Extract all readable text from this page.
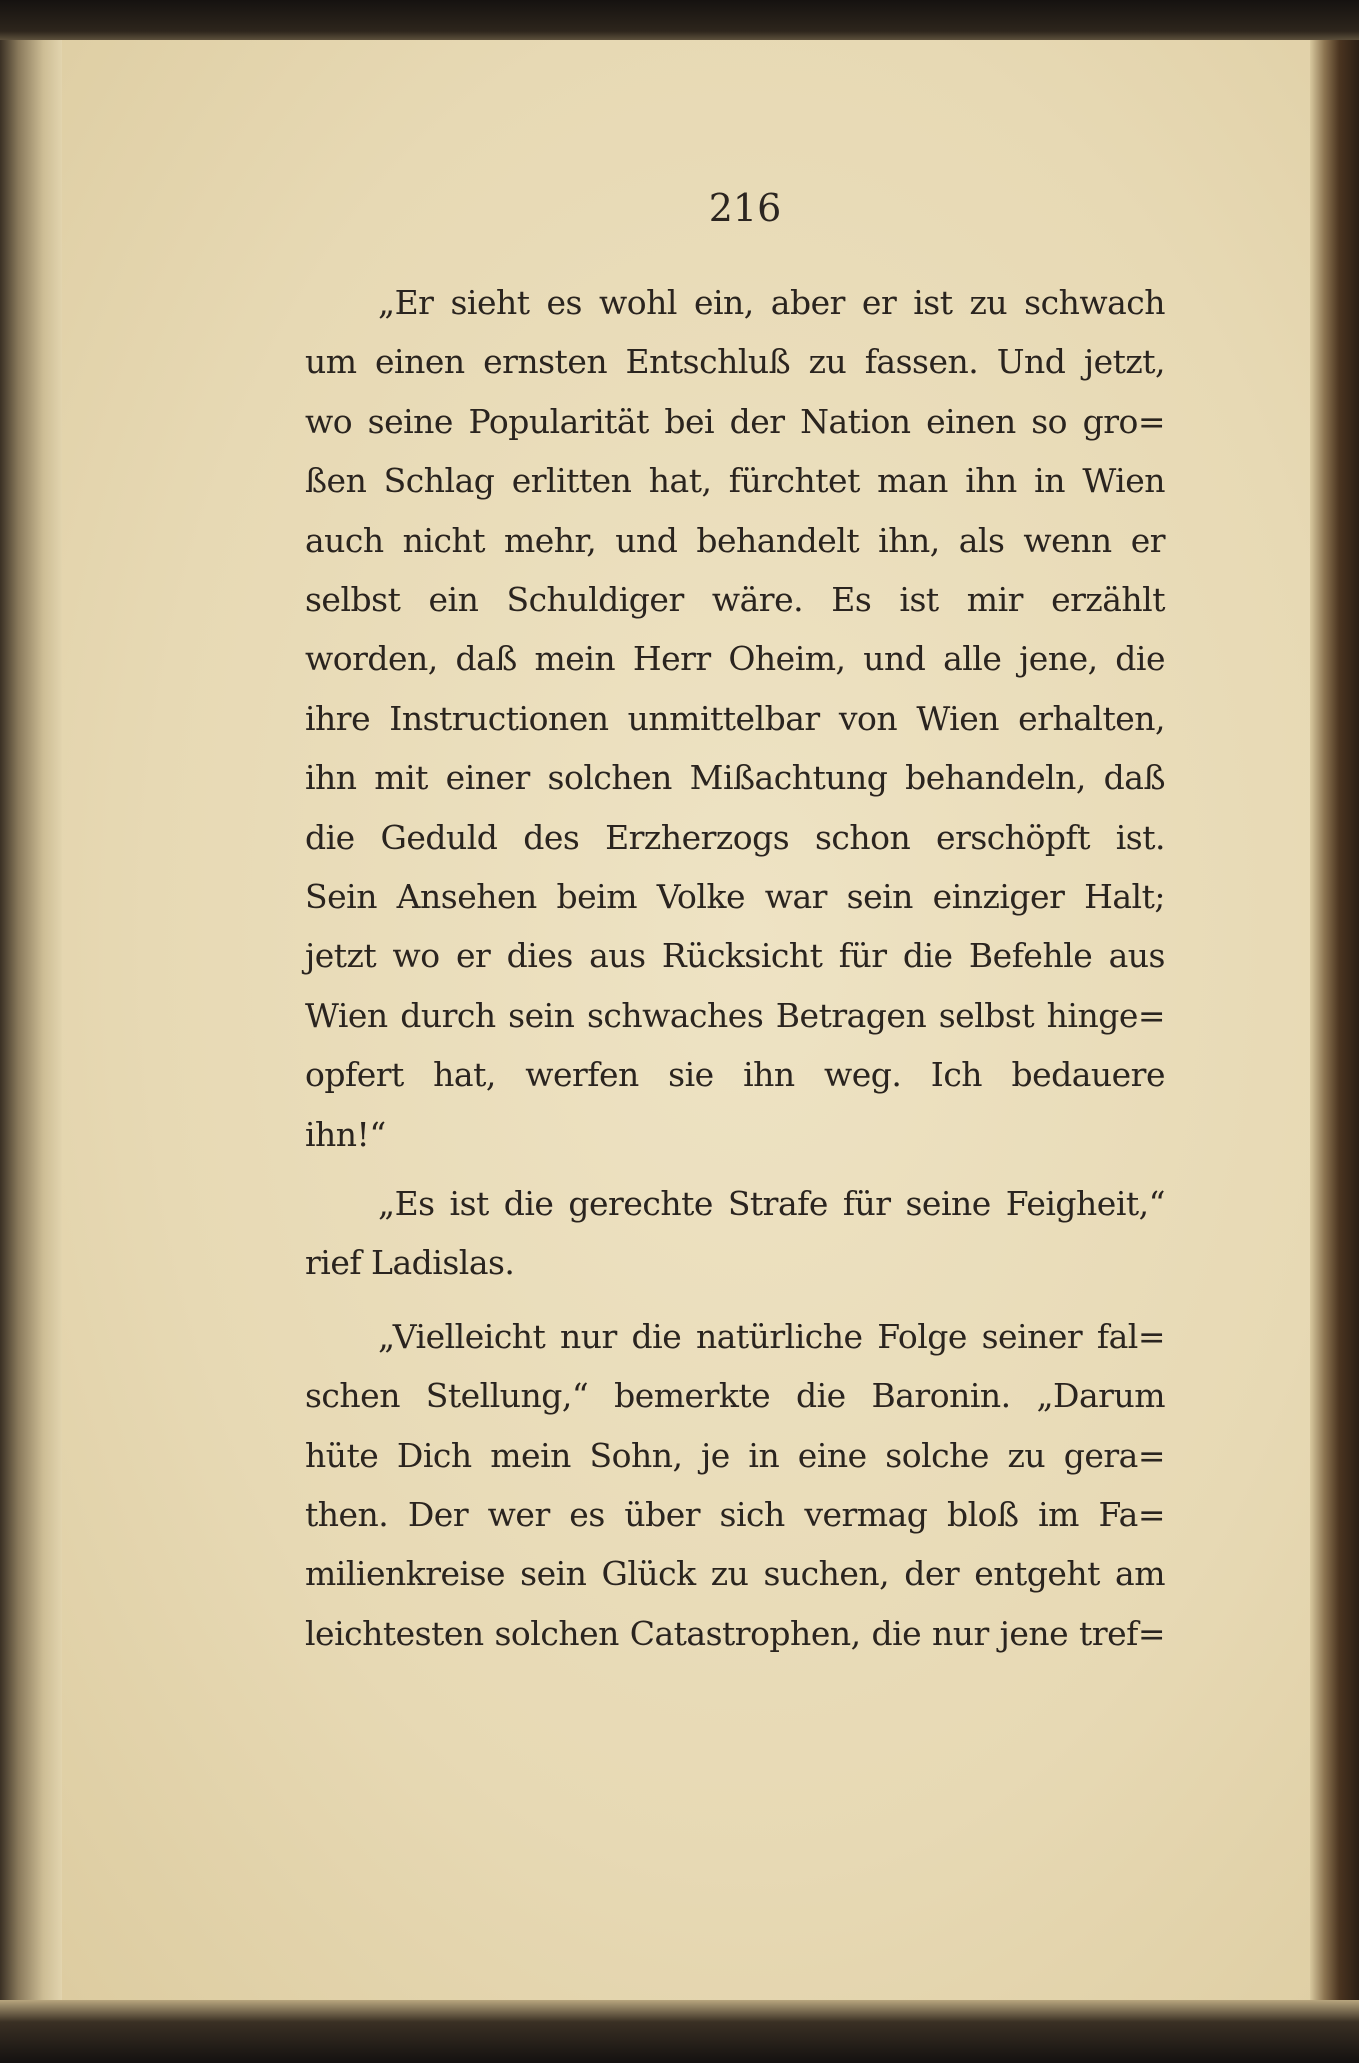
216
„Er sieht es wohl ein, aber er ist zu schwach
um einen ernsten Entschluß zu fassen. Und jetzt,
wo seine Popularität bei der Nation einen so gro=
ßen Schlag erlitten hat, fürchtet man ihn in Wien
auch nicht mehr, und behandelt ihn, als wenn er
selbst ein Schuldiger wäre. Es ist mir erzählt
worden, daß mein Herr Oheim, und alle jene, die
ihre Instructionen unmittelbar von Wien erhalten,
ihn mit einer solchen Mißachtung behandeln, daß
die Geduld des Erzherzogs schon erschöpft ist.
Sein Ansehen beim Volke war sein einziger Halt;
jetzt wo er dies aus Rücksicht für die Befehle aus
Wien durch sein schwaches Betragen selbst hinge=
opfert hat, werfen sie ihn weg. Ich bedauere
ihn!“
„Es ist die gerechte Strafe für seine Feigheit,“
rief Ladislas.
„Vielleicht nur die natürliche Folge seiner fal=
schen Stellung,“ bemerkte die Baronin. „Darum
hüte Dich mein Sohn, je in eine solche zu gera=
then. Der wer es über sich vermag bloß im Fa=
milienkreise sein Glück zu suchen, der entgeht am
leichtesten solchen Catastrophen, die nur jene tref=
